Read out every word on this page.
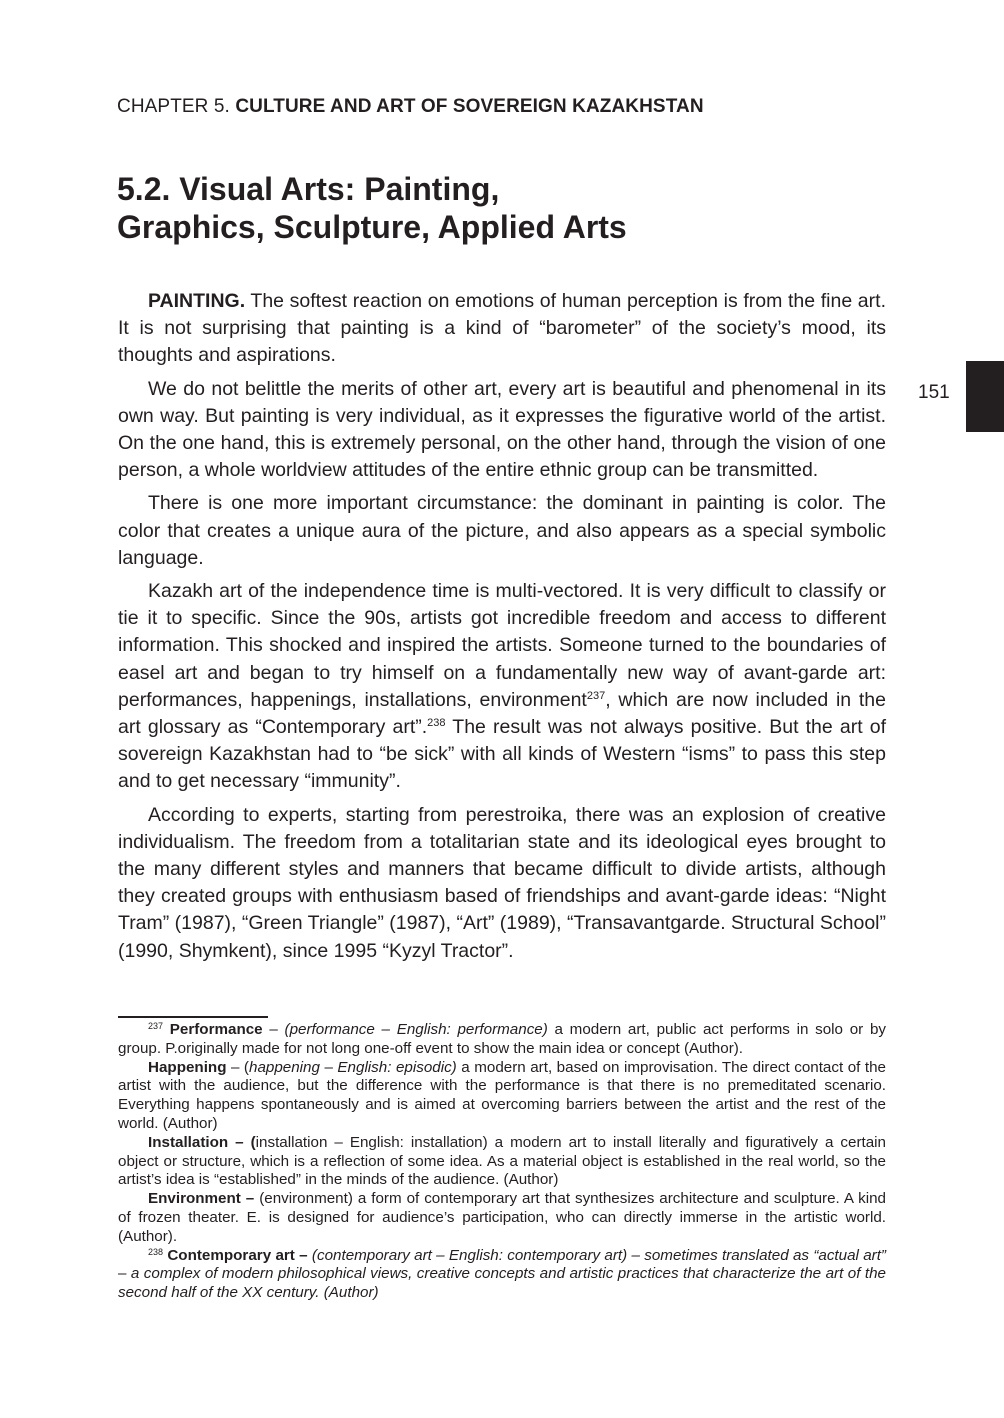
CHAPTER 5. CULTURE AND ART OF SOVEREIGN KAZAKHSTAN
5.2. Visual Arts: Painting,
Graphics, Sculpture, Applied Arts
151

PAINTING. The softest reaction on emotions of human perception is from the fine art. It is not surprising that painting is a kind of “barometer” of the society’s mood, its thoughts and aspirations.

We do not belittle the merits of other art, every art is beautiful and phenomenal in its own way. But painting is very individual, as it expresses the figurative world of the artist. On the one hand, this is extremely personal, on the other hand, through the vision of one person, a whole worldview attitudes of the entire ethnic group can be transmitted.

There is one more important circumstance: the dominant in painting is color. The color that creates a unique aura of the picture, and also appears as a special symbolic language.

Kazakh art of the independence time is multi-vectored. It is very difficult to classify or tie it to specific. Since the 90s, artists got incredible freedom and access to different information. This shocked and inspired the artists. Someone turned to the boundaries of easel art and began to try himself on a fundamentally new way of avant-garde art: performances, happenings, installations, environment$^{237}$, which are now included in the art glossary as “Contemporary art”.$^{238}$ The result was not always positive. But the art of sovereign Kazakhstan had to “be sick” with all kinds of Western “isms” to pass this step and to get necessary “immunity”.

According to experts, starting from perestroika, there was an explosion of creative individualism. The freedom from a totalitarian state and its ideological eyes brought to the many different styles and manners that became difficult to divide artists, although they created groups with enthusiasm based of friendships and avant-garde ideas: “Night Tram” (1987), “Green Triangle” (1987), “Art” (1989), “Transavantgarde. Structural School” (1990, Shymkent), since 1995 “Kyzyl Tractor”.

$^{237}$ Performance – (performance – English: performance) a modern art, public act performs in solo or by group. P.originally made for not long one-off event to show the main idea or concept (Author).

Happening – (happening – English: episodic) a modern art, based on improvisation. The direct contact of the artist with the audience, but the difference with the performance is that there is no premeditated scenario. Everything happens spontaneously and is aimed at overcoming barriers between the artist and the rest of the world. (Author)

Installation – (installation – English: installation) a modern art to install literally and figuratively a certain object or structure, which is a reflection of some idea. As a material object is established in the real world, so the artist’s idea is “established” in the minds of the audience. (Author)

Environment – (environment) a form of contemporary art that synthesizes architecture and sculpture. A kind of frozen theater. E. is designed for audience’s participation, who can directly immerse in the artistic world. (Author).

$^{238}$ Contemporary art – (contemporary art – English: contemporary art) – sometimes translated as “actual art” – a complex of modern philosophical views, creative concepts and artistic practices that characterize the art of the second half of the XX century. (Author)
